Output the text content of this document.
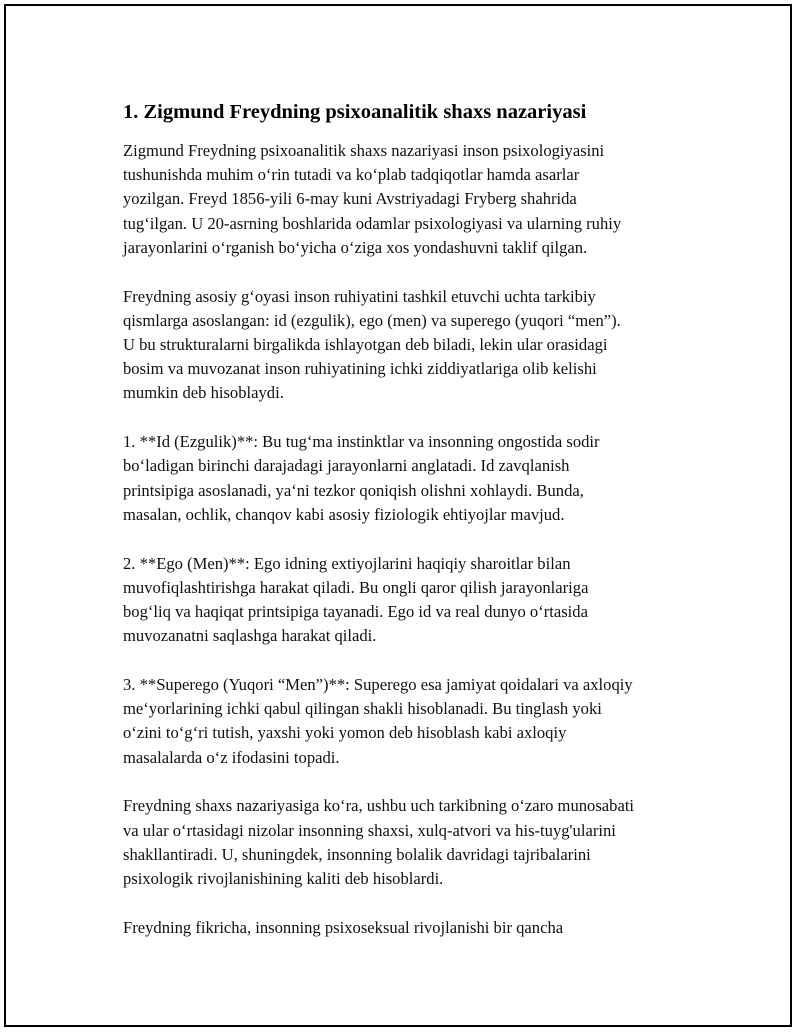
1. Zigmund Freydning psixoanalitik shaxs nazariyasi

Zigmund Freydning psixoanalitik shaxs nazariyasi inson psixologiyasini
tushunishda muhim o‘rin tutadi va ko‘plab tadqiqotlar hamda asarlar
yozilgan. Freyd 1856-yili 6-may kuni Avstriyadagi Fryberg shahrida
tug‘ilgan. U 20-asrning boshlarida odamlar psixologiyasi va ularning ruhiy
jarayonlarini o‘rganish bo‘yicha o‘ziga xos yondashuvni taklif qilgan.

Freydning asosiy g‘oyasi inson ruhiyatini tashkil etuvchi uchta tarkibiy
qismlarga asoslangan: id (ezgulik), ego (men) va superego (yuqori “men”).
U bu strukturalarni birgalikda ishlayotgan deb biladi, lekin ular orasidagi
bosim va muvozanat inson ruhiyatining ichki ziddiyatlariga olib kelishi
mumkin deb hisoblaydi.

1. **Id (Ezgulik)**: Bu tug‘ma instinktlar va insonning ongostida sodir
bo‘ladigan birinchi darajadagi jarayonlarni anglatadi. Id zavqlanish
printsipiga asoslanadi, ya‘ni tezkor qoniqish olishni xohlaydi. Bunda,
masalan, ochlik, chanqov kabi asosiy fiziologik ehtiyojlar mavjud.

2. **Ego (Men)**: Ego idning extiyojlarini haqiqiy sharoitlar bilan
muvofiqlashtirishga harakat qiladi. Bu ongli qaror qilish jarayonlariga
bog‘liq va haqiqat printsipiga tayanadi. Ego id va real dunyo o‘rtasida
muvozanatni saqlashga harakat qiladi.

3. **Superego (Yuqori “Men”)**: Superego esa jamiyat qoidalari va axloqiy
me‘yorlarining ichki qabul qilingan shakli hisoblanadi. Bu tinglash yoki
o‘zini to‘g‘ri tutish, yaxshi yoki yomon deb hisoblash kabi axloqiy
masalalarda o‘z ifodasini topadi.

Freydning shaxs nazariyasiga ko‘ra, ushbu uch tarkibning o‘zaro munosabati
va ular o‘rtasidagi nizolar insonning shaxsi, xulq-atvori va his-tuyg'ularini
shakllantiradi. U, shuningdek, insonning bolalik davridagi tajribalarini
psixologik rivojlanishining kaliti deb hisoblardi.

Freydning fikricha, insonning psixoseksual rivojlanishi bir qancha
